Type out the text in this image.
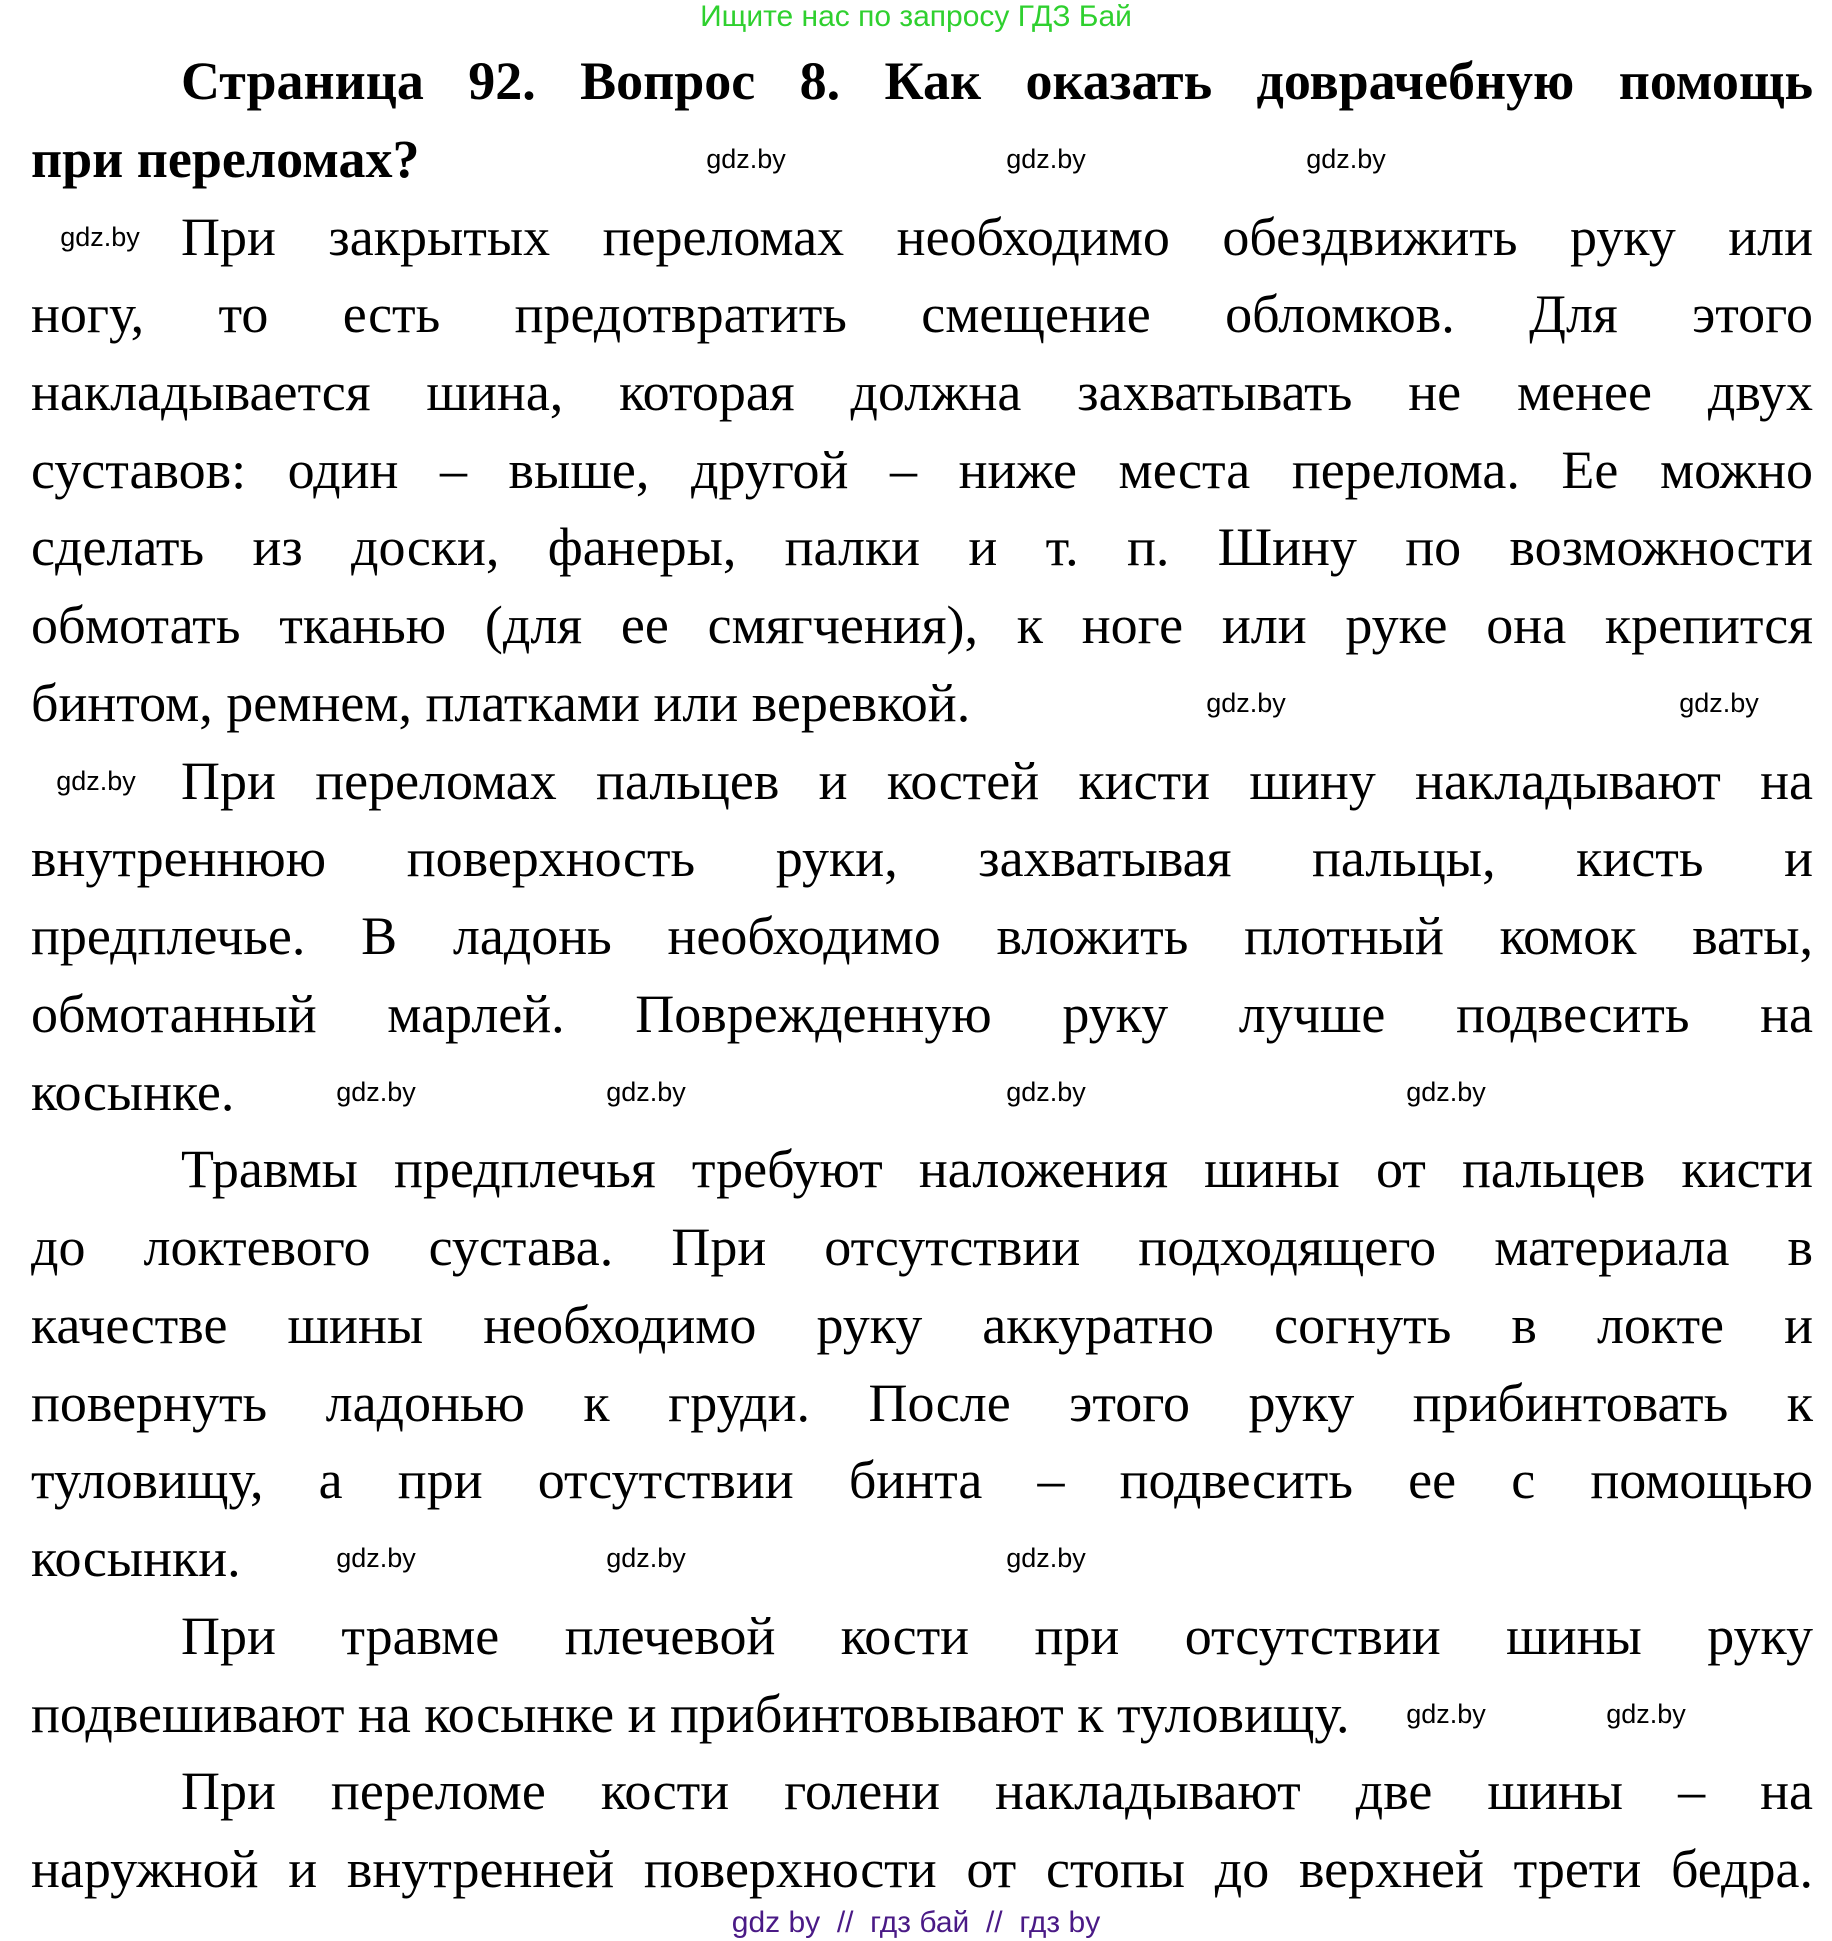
Ищите нас по запросу ГДЗ Бай
Страница 92. Вопрос 8. Как оказать доврачебную помощь
при переломах?
При закрытых переломах необходимо обездвижить руку или
ногу, то есть предотвратить смещение обломков. Для этого
накладывается шина, которая должна захватывать не менее двух
суставов: один – выше, другой – ниже места перелома. Ее можно
сделать из доски, фанеры, палки и т. п. Шину по возможности
обмотать тканью (для ее смягчения), к ноге или руке она крепится
бинтом, ремнем, платками или веревкой.
При переломах пальцев и костей кисти шину накладывают на
внутреннюю поверхность руки, захватывая пальцы, кисть и
предплечье. В ладонь необходимо вложить плотный комок ваты,
обмотанный марлей. Поврежденную руку лучше подвесить на
косынке.
Травмы предплечья требуют наложения шины от пальцев кисти
до локтевого сустава. При отсутствии подходящего материала в
качестве шины необходимо руку аккуратно согнуть в локте и
повернуть ладонью к груди. После этого руку прибинтовать к
туловищу, а при отсутствии бинта – подвесить ее с помощью
косынки.
При травме плечевой кости при отсутствии шины руку
подвешивают на косынке и прибинтовывают к туловищу.
При переломе кости голени накладывают две шины – на
наружной и внутренней поверхности от стопы до верхней трети бедра.
gdz.by	gdz.by	gdz.by
gdz.by
gdz.by	gdz.by
gdz.by
gdz.by	gdz.by	gdz.by	gdz.by
gdz.by	gdz.by	gdz.by
gdz.by	gdz.by
gdz by  //  гдз бай  //  гдз by
